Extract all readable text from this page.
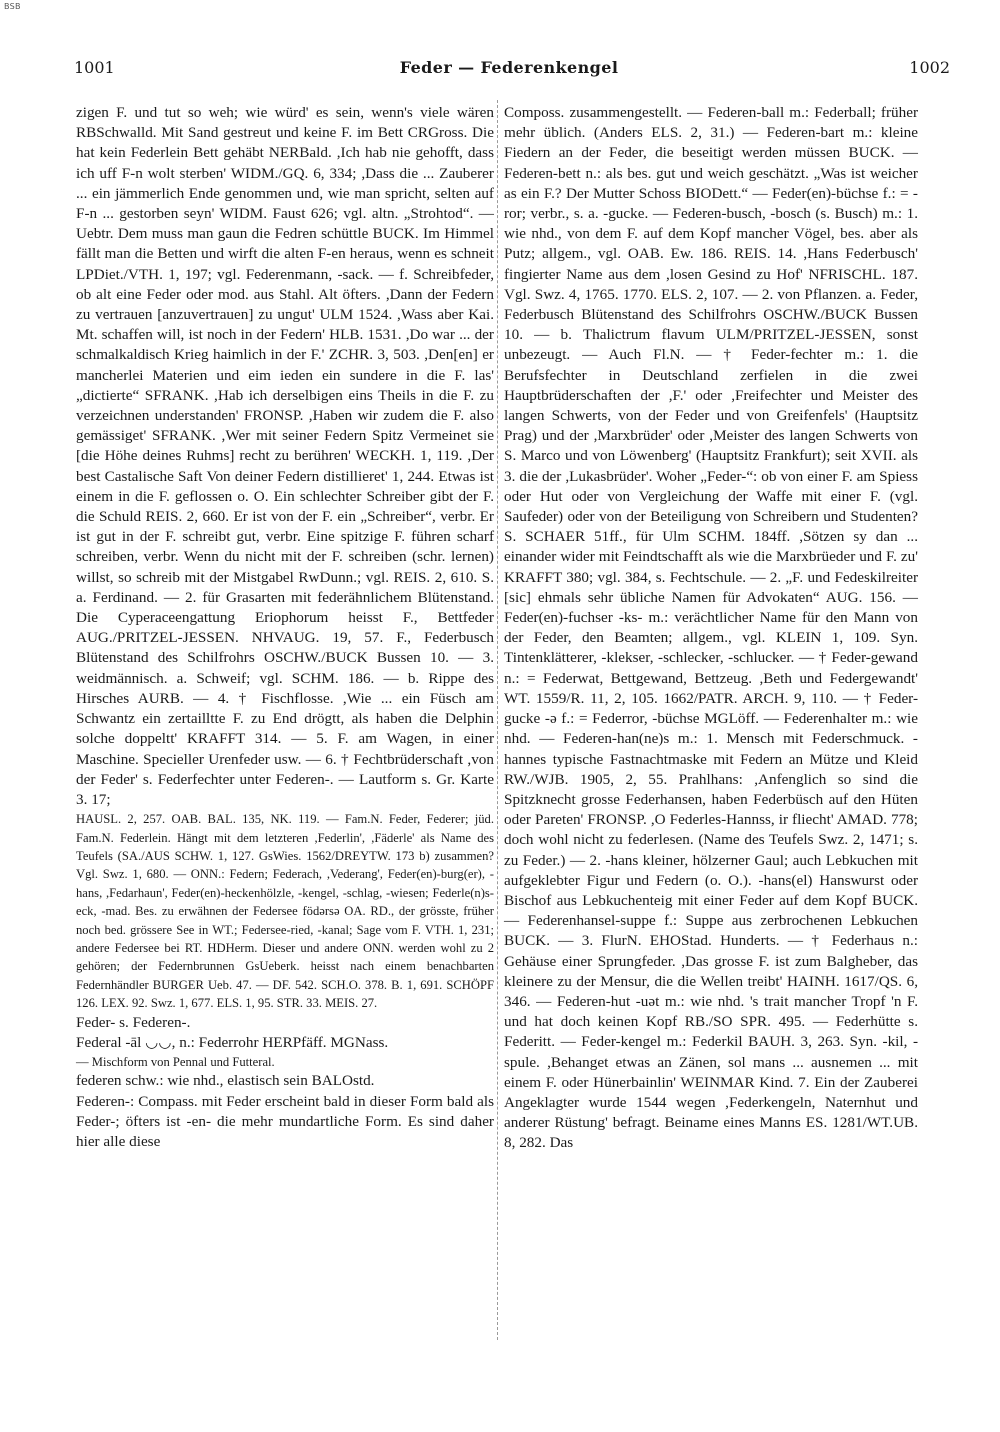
BSB
1001	Feder — Federenkengel	1002

zigen F. und tut so weh; wie würd' es sein, wenn's viele wären RBSchwalld. Mit Sand gestreut und keine F. im Bett CRGross. Die hat kein Federlein Bett gehäbt NERBald. ,Ich hab nie gehofft, dass ich uff F-n wolt sterben' WIDM./GQ. 6, 334; ,Dass die ... Zauberer ... ein jämmerlich Ende genommen und, wie man spricht, selten auf F-n ... gestorben seyn' WIDM. Faust 626; vgl. altn. „Strohtod“. — Uebtr. Dem muss man gaun die Fedren schüttle BUCK. Im Himmel fällt man die Betten und wirft die alten F-en heraus, wenn es schneit LPDiet./VTH. 1, 197; vgl. Federenmann, -sack. — f. Schreibfeder, ob alt eine Feder oder mod. aus Stahl. Alt öfters. ,Dann der Federn zu vertrauen [anzuvertrauen] zu ungut' ULM 1524. ,Wass aber Kai. Mt. schaffen will, ist noch in der Federn' HLB. 1531. ,Do war ... der schmalkaldisch Krieg haimlich in der F.' ZCHR. 3, 503. ,Den[en] er mancherlei Materien und eim ieden ein sundere in die F. las' „dictierte“ SFRANK. ,Hab ich derselbigen eins Theils in die F. zu verzeichnen understanden' FRONSP. ,Haben wir zudem die F. also gemässiget' SFRANK. ,Wer mit seiner Federn Spitz Vermeinet sie [die Höhe deines Ruhms] recht zu berühren' WECKH. 1, 119. ,Der best Castalische Saft Von deiner Federn distillieret' 1, 244. Etwas ist einem in die F. geflossen o. O. Ein schlechter Schreiber gibt der F. die Schuld REIS. 2, 660. Er ist von der F. ein „Schreiber“, verbr. Er ist gut in der F. schreibt gut, verbr. Eine spitzige F. führen scharf schreiben, verbr. Wenn du nicht mit der F. schreiben (schr. lernen) willst, so schreib mit der Mistgabel RwDunn.; vgl. REIS. 2, 610. S. a. Ferdinand. — 2. für Grasarten mit federähnlichem Blütenstand. Die Cyperaceengattung Eriophorum heisst F., Bettfeder AUG./PRITZEL-JESSEN. NHVAUG. 19, 57. F., Federbusch Blütenstand des Schilfrohrs OSCHW./BUCK Bussen 10. — 3. weidmännisch. a. Schweif; vgl. SCHM. 186. — b. Rippe des Hirsches AURB. — 4. † Fischflosse. ,Wie ... ein Füsch am Schwantz ein zertailltte F. zu End drögtt, als haben die Delphin solche doppeltt' KRAFFT 314. — 5. F. am Wagen, in einer Maschine. Specieller Urenfeder usw. — 6. † Fechtbrüderschaft ,von der Feder' s. Federfechter unter Federen-. — Lautform s. Gr. Karte 3. 17;

HAUSL. 2, 257. OAB. BAL. 135, NK. 119. — Fam.N. Feder, Federer; jüd. Fam.N. Federlein. Hängt mit dem letzteren ,Federlin', ,Fäderle' als Name des Teufels (SA./AUS SCHW. 1, 127. GsWies. 1562/DREYTW. 173 b) zusammen? Vgl. Swz. 1, 680. — ONN.: Federn; Federach, ,Vederang', Feder(en)-burg(er), -hans, ,Fedarhaun', Feder(en)-heckenhölzle, -kengel, -schlag, -wiesen; Federle(n)s-eck, -mad. Bes. zu erwähnen der Federsee födərsə OA. RD., der grösste, früher noch bed. grössere See in WT.; Federsee-ried, -kanal; Sage vom F. VTH. 1, 231; andere Federsee bei RT. HDHerm. Dieser und andere ONN. werden wohl zu 2 gehören; der Federnbrunnen GsUeberk. heisst nach einem benachbarten Federnhändler BURGER Ueb. 47. — DF. 542. SCH.O. 378. B. 1, 691. SCHÖPF 126. LEX. 92. Swz. 1, 677. ELS. 1, 95. STR. 33. MEIS. 27.

Feder- s. Federen-.

Federal -āl ◡◡, n.: Federrohr HERPfäff. MGNass.

— Mischform von Pennal und Futteral.

federen schw.: wie nhd., elastisch sein BALOstd.

Federen-: Compass. mit Feder erscheint bald in dieser Form bald als Feder-; öfters ist -en- die mehr mundartliche Form. Es sind daher hier alle diese

Composs. zusammengestellt. — Federen-ball m.: Federball; früher mehr üblich. (Anders ELS. 2, 31.) — Federen-bart m.: kleine Fiedern an der Feder, die beseitigt werden müssen BUCK. — Federen-bett n.: als bes. gut und weich geschätzt. „Was ist weicher as ein F.? Der Mutter Schoss BIODett.“ — Feder(en)-büchse f.: = -ror; verbr., s. a. -gucke. — Federen-busch, -bosch (s. Busch) m.: 1. wie nhd., von dem F. auf dem Kopf mancher Vögel, bes. aber als Putz; allgem., vgl. OAB. Ew. 186. REIS. 14. ,Hans Federbusch' fingierter Name aus dem ,losen Gesind zu Hof' NFRISCHL. 187. Vgl. Swz. 4, 1765. 1770. ELS. 2, 107. — 2. von Pflanzen. a. Feder, Federbusch Blütenstand des Schilfrohrs OSCHW./BUCK Bussen 10. — b. Thalictrum flavum ULM/PRITZEL-JESSEN, sonst unbezeugt. — Auch Fl.N. — † Feder-fechter m.: 1. die Berufsfechter in Deutschland zerfielen in die zwei Hauptbrüderschaften der ,F.' oder ,Freifechter und Meister des langen Schwerts, von der Feder und von Greifenfels' (Hauptsitz Prag) und der ,Marxbrüder' oder ,Meister des langen Schwerts von S. Marco und von Löwenberg' (Hauptsitz Frankfurt); seit XVII. als 3. die der ,Lukasbrüder'. Woher „Feder-“: ob von einer F. am Spiess oder Hut oder von Vergleichung der Waffe mit einer F. (vgl. Saufeder) oder von der Beteiligung von Schreibern und Studenten? S. SCHAER 51ff., für Ulm SCHM. 184ff. ,Sötzen sy dan ... einander wider mit Feindtschafft als wie die Marxbrüeder und F. zu' KRAFFT 380; vgl. 384, s. Fechtschule. — 2. „F. und Fedeskilreiter [sic] ehmals sehr übliche Namen für Advokaten“ AUG. 156. — Feder(en)-fuchser -ks- m.: verächtlicher Name für den Mann von der Feder, den Beamten; allgem., vgl. KLEIN 1, 109. Syn. Tintenklätterer, -klekser, -schlecker, -schlucker. — † Feder-gewand n.: = Federwat, Bettgewand, Bettzeug. ,Beth und Federgewandt' WT. 1559/R. 11, 2, 105. 1662/PATR. ARCH. 9, 110. — † Feder-gucke -ə f.: = Federror, -büchse MGLöff. — Federenhalter m.: wie nhd. — Federen-han(ne)s m.: 1. Mensch mit Federschmuck. -hannes typische Fastnachtmaske mit Federn an Mütze und Kleid RW./WJB. 1905, 2, 55. Prahlhans: ,Anfenglich so sind die Spitzknecht grosse Federhansen, haben Federbüsch auf den Hüten oder Pareten' FRONSP. ,O Federles-Hannss, ir fliecht' AMAD. 778; doch wohl nicht zu federlesen. (Name des Teufels Swz. 2, 1471; s. zu Feder.) — 2. -hans kleiner, hölzerner Gaul; auch Lebkuchen mit aufgeklebter Figur und Federn (o. O.). -hans(el) Hanswurst oder Bischof aus Lebkuchenteig mit einer Feder auf dem Kopf BUCK. — Federenhansel-suppe f.: Suppe aus zerbrochenen Lebkuchen BUCK. — 3. FlurN. EHOStad. Hunderts. — † Federhaus n.: Gehäuse einer Sprungfeder. ,Das grosse F. ist zum Balgheber, das kleinere zu der Mensur, die die Wellen treibt' HAINH. 1617/QS. 6, 346. — Federen-hut -uət m.: wie nhd. 's trait mancher Tropf 'n F. und hat doch keinen Kopf RB./SO SPR. 495. — Federhütte s. Federitt. — Feder-kengel m.: Federkil BAUH. 3, 263. Syn. -kil, -spule. ,Behanget etwas an Zänen, sol mans ... ausnemen ... mit einem F. oder Hünerbainlin' WEINMAR Kind. 7. Ein der Zauberei Angeklagter wurde 1544 wegen ,Federkengeln, Naternhut und anderer Rüstung' befragt. Beiname eines Manns ES. 1281/WT.UB. 8, 282. Das
